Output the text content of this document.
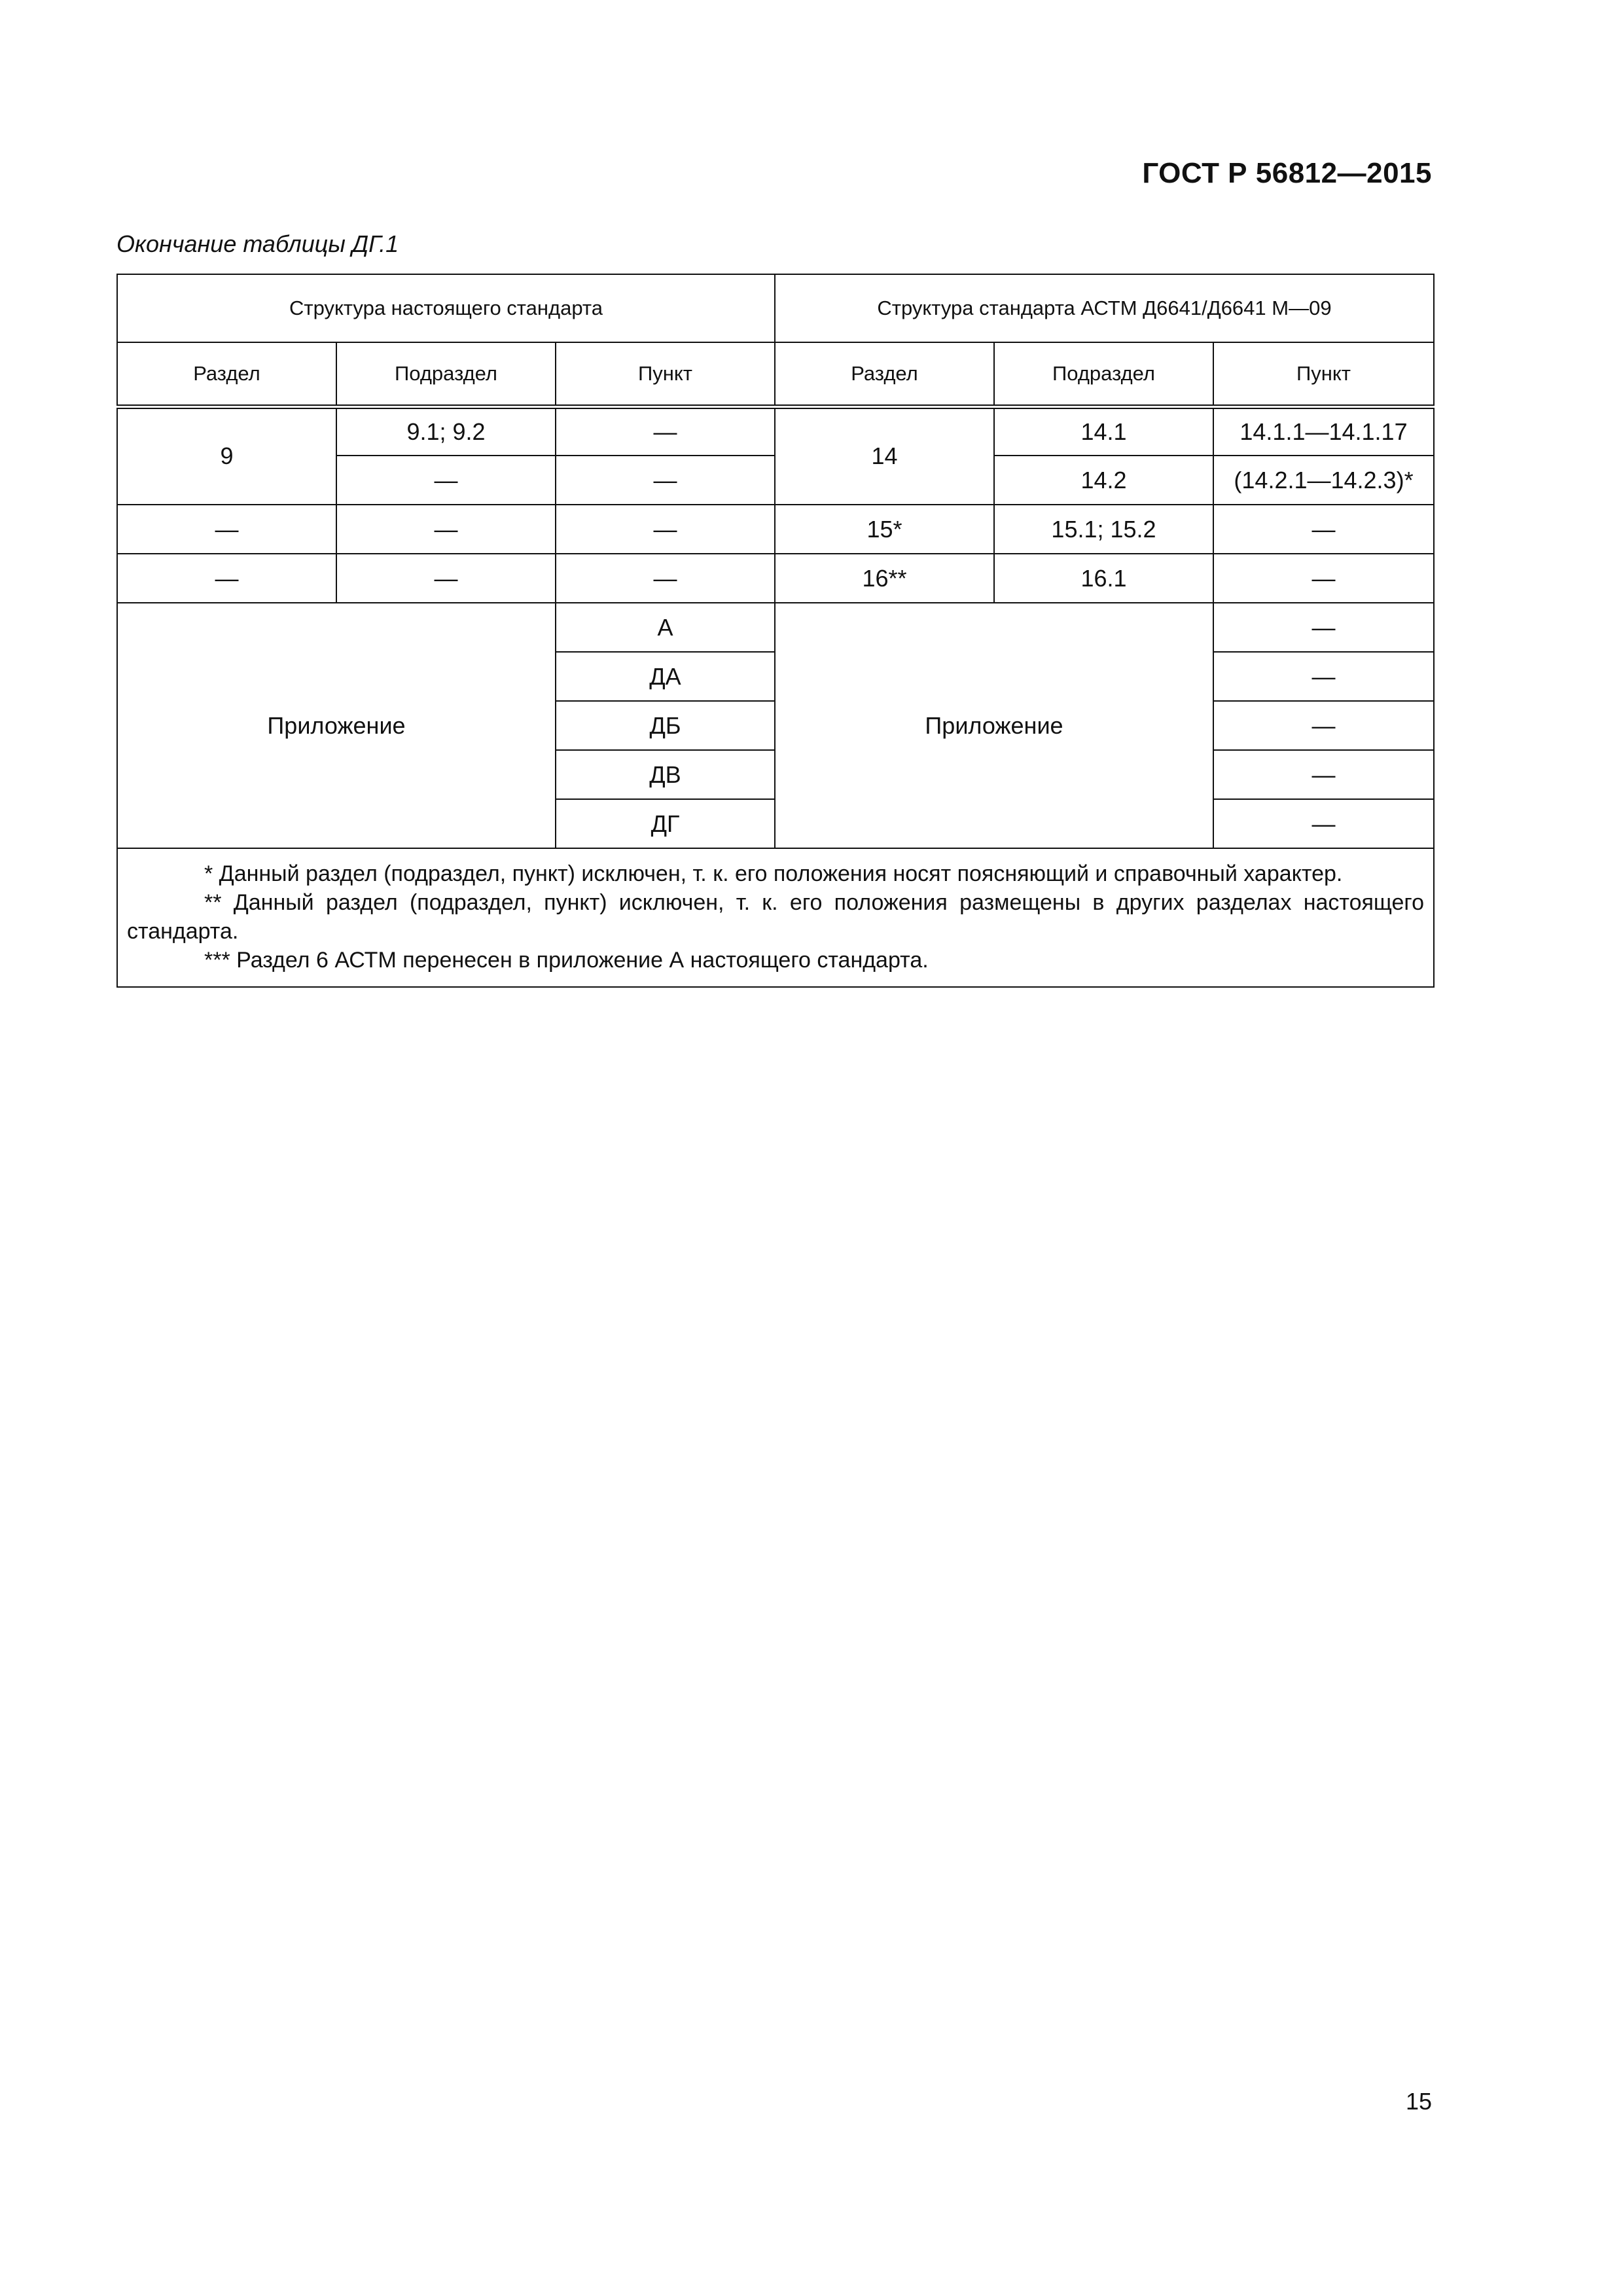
ГОСТ Р 56812—2015
Окончание таблицы ДГ.1
Структура настоящего стандарта			Структура стандарта АСТМ Д6641/Д6641 М—09		
Раздел	Подраздел	Пункт	Раздел	Подраздел	Пункт
9	9.1; 9.2	—	14	14.1	14.1.1—14.1.17
	—	—		14.2	(14.2.1—14.2.3)*
—	—	—	15*	15.1; 15.2	—
—	—	—	16**	16.1	—
Приложение		А	Приложение		—
		ДА			—
		ДБ			—
		ДВ			—
		ДГ			—

* Данный раздел (подраздел, пункт) исключен, т. к. его положения носят поясняющий и справочный характер.
** Данный раздел (подраздел, пункт) исключен, т. к. его положения размещены в других разделах настоящего стандарта.
*** Раздел 6 АСТМ перенесен в приложение А настоящего стандарта.					
15
